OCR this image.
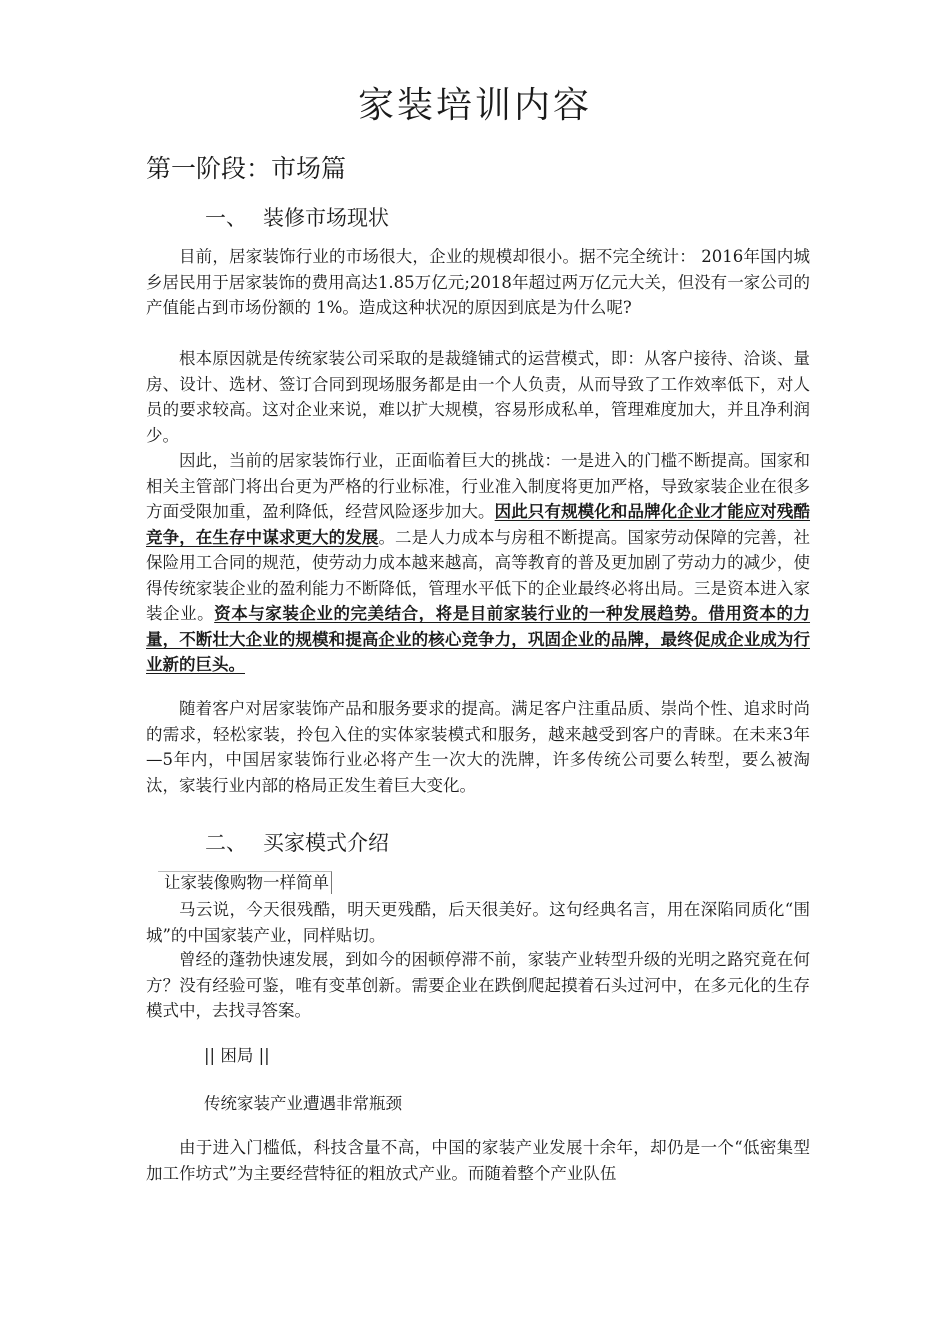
家装培训内容
第一阶段：市场篇
一、 装修市场现状

目前，居家装饰行业的市场很大，企业的规模却很小。据不完全统计： 2016年国内城乡居民用于居家装饰的费用高达1.85万亿元;2018年超过两万亿元大关，但没有一家公司的产值能占到市场份额的 1%。造成这种状况的原因到底是为什么呢?

根本原因就是传统家装公司采取的是裁缝铺式的运营模式，即：从客户接待、洽谈、量房、设计、选材、签订合同到现场服务都是由一个人负责，从而导致了工作效率低下，对人员的要求较高。这对企业来说，难以扩大规模，容易形成私单，管理难度加大，并且净利润少。

因此，当前的居家装饰行业，正面临着巨大的挑战：一是进入的门槛不断提高。国家和相关主管部门将出台更为严格的行业标准，行业准入制度将更加严格，导致家装企业在很多方面受限加重，盈利降低，经营风险逐步加大。因此只有规模化和品牌化企业才能应对残酷竞争，在生存中谋求更大的发展。二是人力成本与房租不断提高。国家劳动保障的完善，社保险用工合同的规范，使劳动力成本越来越高，高等教育的普及更加剧了劳动力的减少，使得传统家装企业的盈利能力不断降低，管理水平低下的企业最终必将出局。三是资本进入家装企业。资本与家装企业的完美结合，将是目前家装行业的一种发展趋势。借用资本的力量，不断壮大企业的规模和提高企业的核心竞争力，巩固企业的品牌，最终促成企业成为行业新的巨头。

随着客户对居家装饰产品和服务要求的提高。满足客户注重品质、崇尚个性、追求时尚的需求，轻松家装，拎包入住的实体家装模式和服务，越来越受到客户的青睐。在未来3年—5年内，中国居家装饰行业必将产生一次大的洗牌，许多传统公司要么转型，要么被淘汰，家装行业内部的格局正发生着巨大变化。

二、 买家模式介绍
让家装像购物一样简单

马云说，今天很残酷，明天更残酷，后天很美好。这句经典名言，用在深陷同质化“围城”的中国家装产业，同样贴切。

曾经的蓬勃快速发展，到如今的困顿停滞不前，家装产业转型升级的光明之路究竟在何方？没有经验可鉴，唯有变革创新。需要企业在跌倒爬起摸着石头过河中，在多元化的生存模式中，去找寻答案。

|| 困局 ||
传统家装产业遭遇非常瓶颈

由于进入门槛低，科技含量不高，中国的家装产业发展十余年，却仍是一个“低密集型加工作坊式”为主要经营特征的粗放式产业。而随着整个产业队伍
